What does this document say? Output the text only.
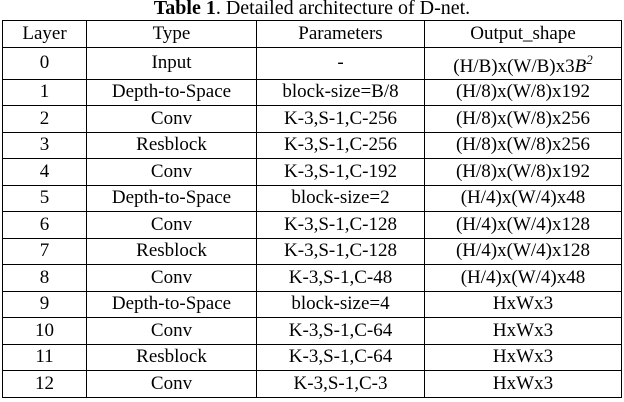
Table 1. Detailed architecture of D-net.
Layer	Type	Parameters	Output_shape
0	Input	-	$(H/B)x(W/B)x3B^2$
1	Depth-to-Space	block-size=B/8	(H/8)x(W/8)x192
2	Conv	K-3,S-1,C-256	(H/8)x(W/8)x256
3	Resblock	K-3,S-1,C-256	(H/8)x(W/8)x256
4	Conv	K-3,S-1,C-192	(H/8)x(W/8)x192
5	Depth-to-Space	block-size=2	(H/4)x(W/4)x48
6	Conv	K-3,S-1,C-128	(H/4)x(W/4)x128
7	Resblock	K-3,S-1,C-128	(H/4)x(W/4)x128
8	Conv	K-3,S-1,C-48	(H/4)x(W/4)x48
9	Depth-to-Space	block-size=4	HxWx3
10	Conv	K-3,S-1,C-64	HxWx3
11	Resblock	K-3,S-1,C-64	HxWx3
12	Conv	K-3,S-1,C-3	HxWx3
